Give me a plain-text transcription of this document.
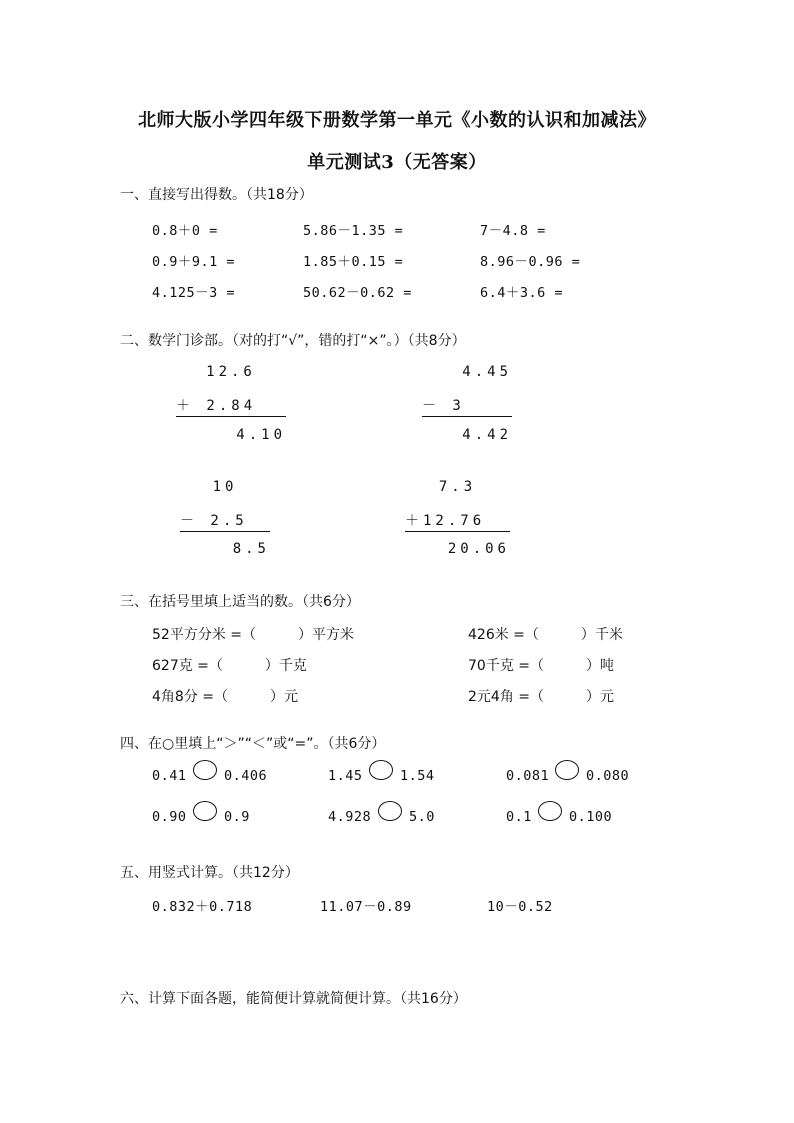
北师大版小学四年级下册数学第一单元《小数的认识和加减法》
单元测试3（无答案）
一、直接写出得数。（共18分）
0.8＋0 =	5.86－1.35 =	7－4.8 =
0.9＋9.1 =	1.85＋0.15 =	8.96－0.96 =
4.125－3 =	50.62－0.62 =	6.4＋3.6 =
二、数学门诊部。（对的打“√”，错的打“×”。）（共8分）
12.6
＋ 2.84
4.10
4.45
－ 3
4.42
10
－ 2.5
8.5
7.3
＋12.76
20.06
三、在括号里填上适当的数。（共6分）
52平方分米 =（　　　）平方米	426米 =（　　　）千米
627克 =（　　　）千克	70千克 =（　　　）吨
4角8分 =（　　　）元	2元4角 =（　　　）元
四、在○里填上“＞”“＜”或“=”。（共6分）
0.41	0.406	1.45	1.54	0.081	0.080
0.90	0.9	4.928	5.0	0.1	0.100
五、用竖式计算。（共12分）
0.832＋0.718	11.07－0.89	10－0.52
六、计算下面各题，能简便计算就简便计算。（共16分）
